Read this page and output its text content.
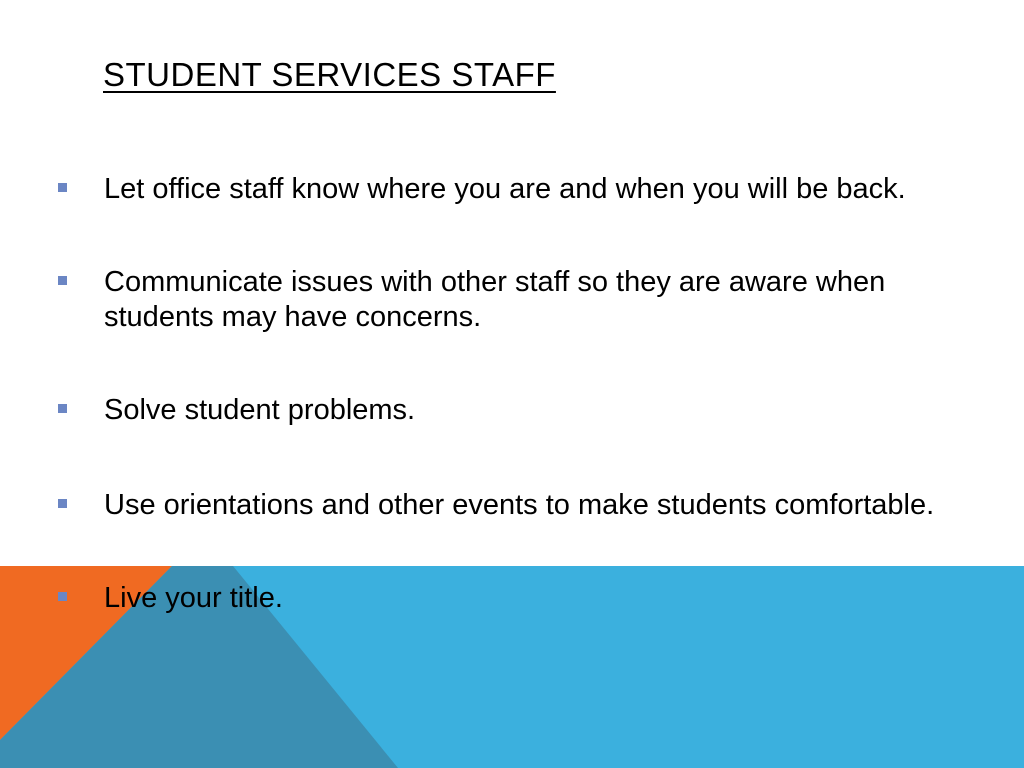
STUDENT SERVICES STAFF
Let office staff know where you are and when you will be back.
Communicate issues with other staff so they are aware when students may have concerns.
Solve student problems.
Use orientations and other events to make students comfortable.
Live your title.
